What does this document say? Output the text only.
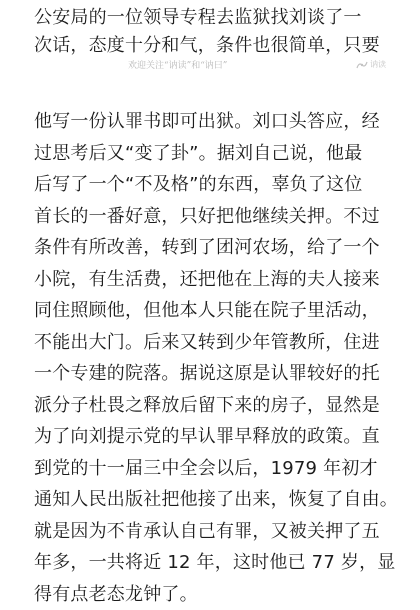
公安局的一位领导专程去监狱找刘谈了一
次话，态度十分和气，条件也很简单，只要
欢迎关注“讷读”和“讷曰”	讷读
他写一份认罪书即可出狱。刘口头答应，经
过思考后又“变了卦”。据刘自己说，他最
后写了一个“不及格”的东西，辜负了这位
首长的一番好意，只好把他继续关押。不过
条件有所改善，转到了团河农场，给了一个
小院，有生活费，还把他在上海的夫人接来
同住照顾他，但他本人只能在院子里活动，
不能出大门。后来又转到少年管教所，住进
一个专建的院落。据说这原是认罪较好的托
派分子杜畏之释放后留下来的房子，显然是
为了向刘提示党的早认罪早释放的政策。直
到党的十一届三中全会以后，1979 年初才
通知人民出版社把他接了出来，恢复了自由。
就是因为不肯承认自己有罪，又被关押了五
年多，一共将近 12 年，这时他已 77 岁，显
得有点老态龙钟了。
